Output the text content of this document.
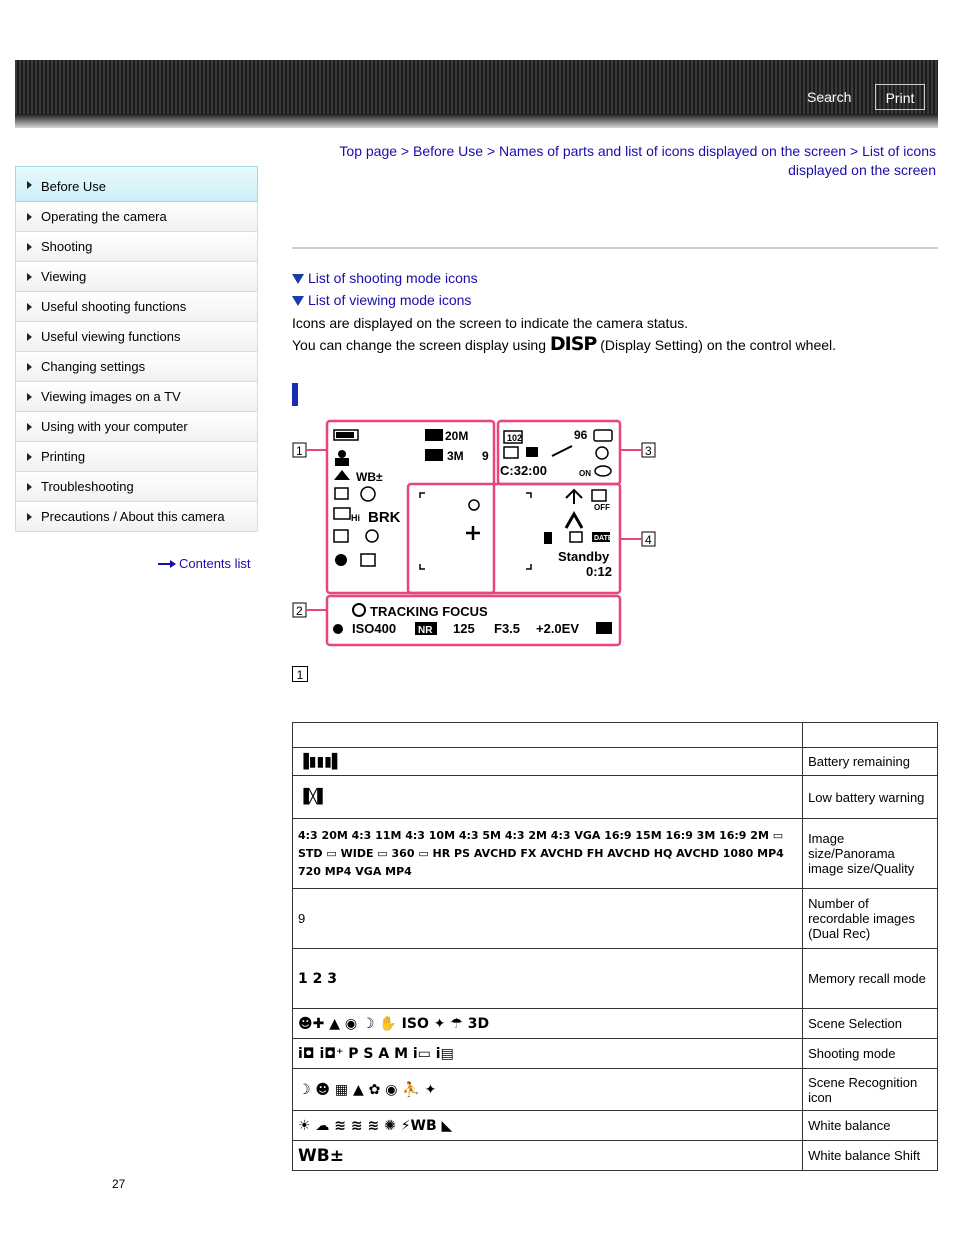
Search	Print
Before Use
Operating the camera
Shooting
Viewing
Useful shooting functions
Useful viewing functions
Changing settings
Viewing images on a TV
Using with your computer
Printing
Troubleshooting
Precautions / About this camera
Contents list
Top page > Before Use > Names of parts and list of icons displayed on the screen > List of icons
displayed on the screen
List of shooting mode icons
List of viewing mode icons
Icons are displayed on the screen to indicate the camera status.
You can change the screen display using DISP (Display Setting) on the control wheel.
1
2
3
4
20M
3M 9
WB±
Hi BRK
102	96
C:32:00	ON
OFF
DATE
Standby
0:12
TRACKING FOCUS
ISO400 NR 125 F3.5 +2.0EV
1

▐▮▮▮▌	Battery remaining
▐╳▌	Low battery warning
4:3 20M 4:3 11M 4:3 10M 4:3 5M 4:3 2M 4:3 VGA 16:9 15M 16:9 3M 16:9 2M ▭ STD ▭ WIDE ▭ 360 ▭ HR PS AVCHD FX AVCHD FH AVCHD HQ AVCHD 1080 MP4 720 MP4 VGA MP4	Image size/Panorama image size/Quality
9	Number of recordable images (Dual Rec)
1 2 3	Memory recall mode
☻✚ ▲ ◉ ☽ ✋ ISO ✦ ☂ 3D	Scene Selection
i◘ i◘⁺ P S A M i▭ i▤	Shooting mode
☽ ☻ ▦ ▲ ✿ ◉ ⛹ ✦	Scene Recognition icon
☀ ☁ ≋ ≋ ≋ ✺ ⚡WB ◣	White balance
WB±	White balance Shift
27
